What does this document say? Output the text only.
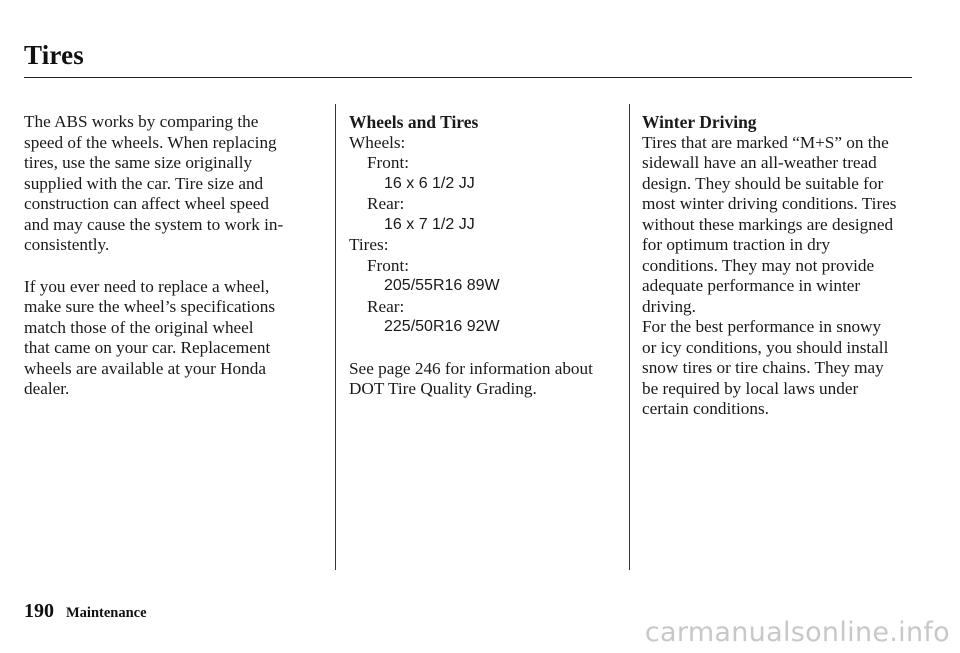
Tires

The ABS works by comparing the

speed of the wheels. When replacing

tires, use the same size originally

supplied with the car. Tire size and

construction can affect wheel speed

and may cause the system to work in-

consistently.

If you ever need to replace a wheel,

make sure the wheel’s specifications

match those of the original wheel

that came on your car. Replacement

wheels are available at your Honda

dealer.

Wheels and Tires

Wheels:

Front:

16 x 6 1/2 JJ

Rear:

16 x 7 1/2 JJ

Tires:

Front:

205/55R16 89W

Rear:

225/50R16 92W

See page 246 for information about

DOT Tire Quality Grading.

Winter Driving

Tires that are marked “M+S” on the

sidewall have an all-weather tread

design. They should be suitable for

most winter driving conditions. Tires

without these markings are designed

for optimum traction in dry

conditions. They may not provide

adequate performance in winter

driving.

For the best performance in snowy

or icy conditions, you should install

snow tires or tire chains. They may

be required by local laws under

certain conditions.

190 Maintenance
carmanualsonline.info
